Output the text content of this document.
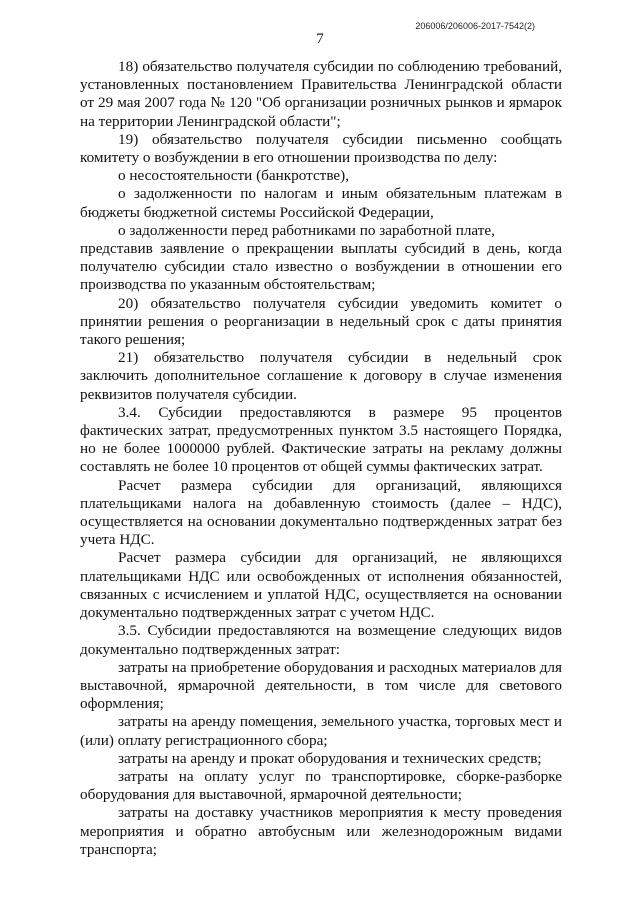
206006/206006-2017-7542(2)
7

18) обязательство получателя субсидии по соблюдению требований, установленных постановлением Правительства Ленинградской области от 29 мая 2007 года № 120 "Об организации розничных рынков и ярмарок на территории Ленинградской области";

19) обязательство получателя субсидии письменно сообщать комитету о возбуждении в его отношении производства по делу:

о несостоятельности (банкротстве),

о задолженности по налогам и иным обязательным платежам в бюджеты бюджетной системы Российской Федерации,

о задолженности перед работниками по заработной плате,

представив заявление о прекращении выплаты субсидий в день, когда получателю субсидии стало известно о возбуждении в отношении его производства по указанным обстоятельствам;

20) обязательство получателя субсидии уведомить комитет о принятии решения о реорганизации в недельный срок с даты принятия такого решения;

21) обязательство получателя субсидии в недельный срок заключить дополнительное соглашение к договору в случае изменения реквизитов получателя субсидии.

3.4. Субсидии предоставляются в размере 95 процентов фактических затрат, предусмотренных пунктом 3.5 настоящего Порядка, но не более 1000000 рублей. Фактические затраты на рекламу должны составлять не более 10 процентов от общей суммы фактических затрат.

Расчет размера субсидии для организаций, являющихся плательщиками налога на добавленную стоимость (далее – НДС), осуществляется на основании документально подтвержденных затрат без учета НДС.

Расчет размера субсидии для организаций, не являющихся плательщиками НДС или освобожденных от исполнения обязанностей, связанных с исчислением и уплатой НДС, осуществляется на основании документально подтвержденных затрат с учетом НДС.

3.5. Субсидии предоставляются на возмещение следующих видов документально подтвержденных затрат:

затраты на приобретение оборудования и расходных материалов для выставочной, ярмарочной деятельности, в том числе для светового оформления;

затраты на аренду помещения, земельного участка, торговых мест и (или) оплату регистрационного сбора;

затраты на аренду и прокат оборудования и технических средств;

затраты на оплату услуг по транспортировке, сборке-разборке оборудования для выставочной, ярмарочной деятельности;

затраты на доставку участников мероприятия к месту проведения мероприятия и обратно автобусным или железнодорожным видами транспорта;
